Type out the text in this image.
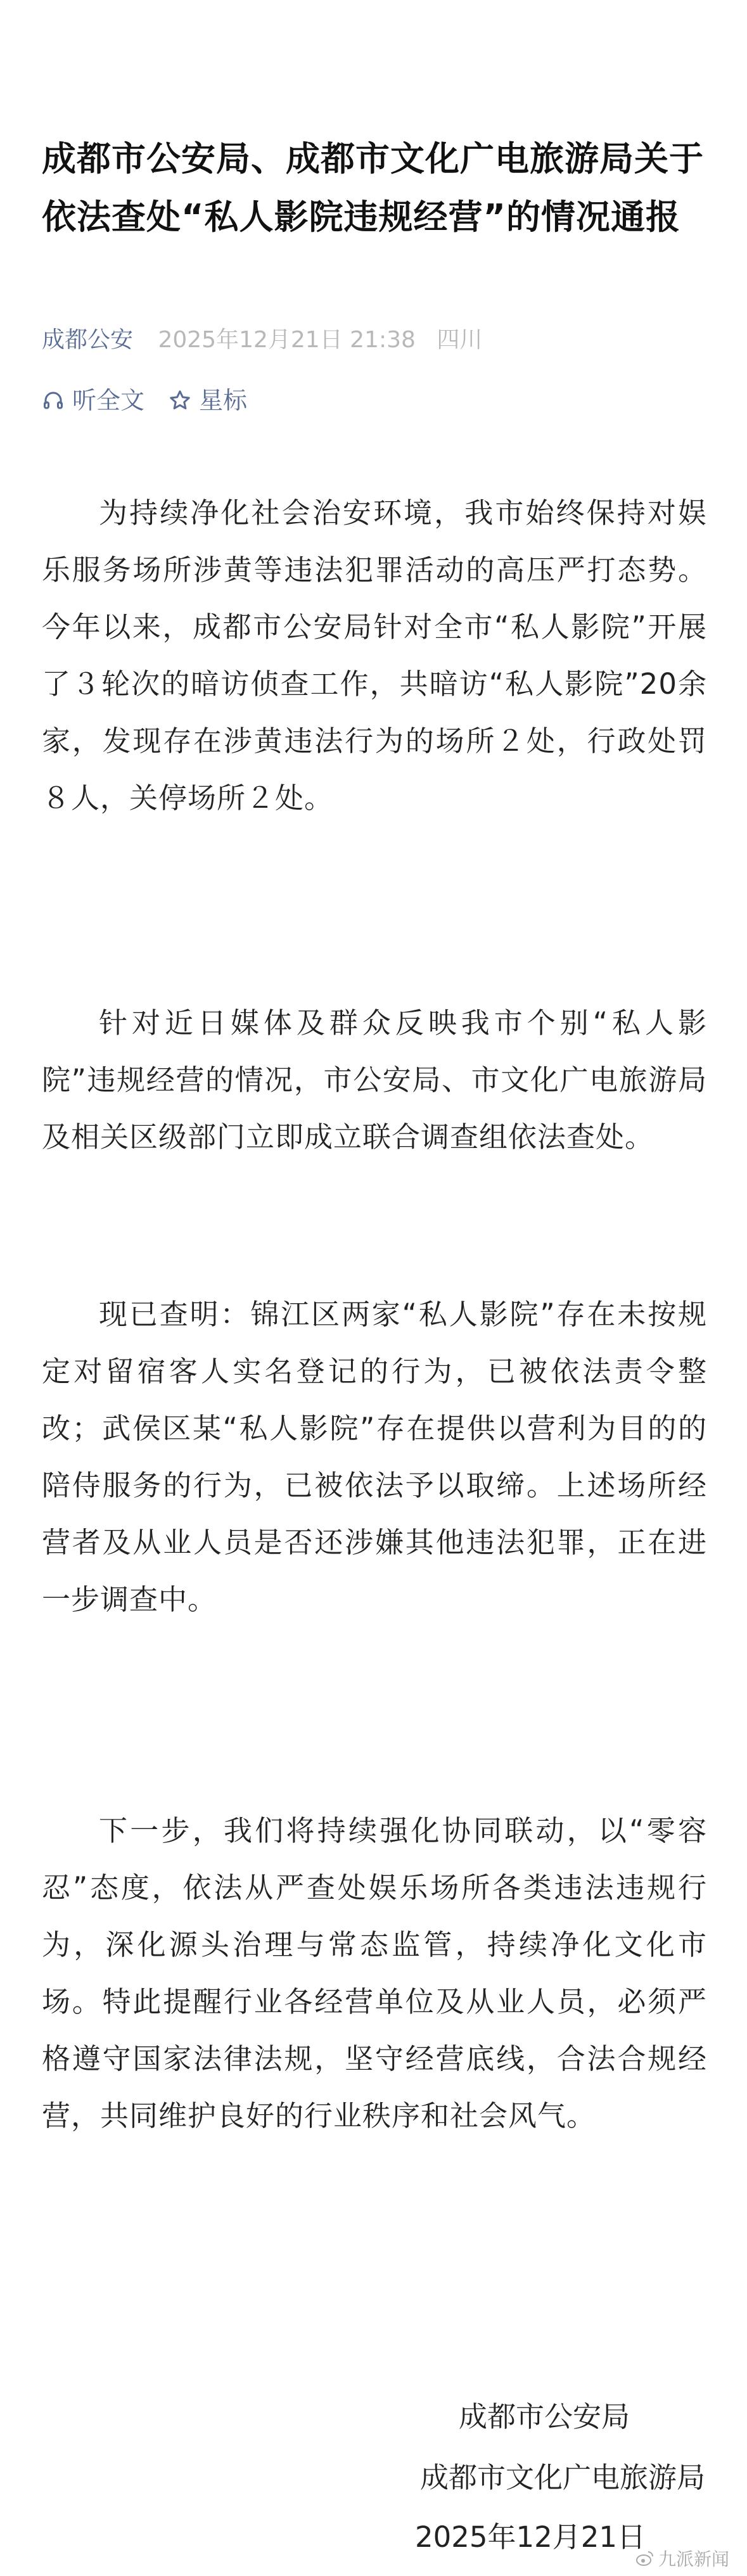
成都市公安局、成都市文化广电旅游局关于依法查处“私人影院违规经营”的情况通报
成都公安 2025年12月21日 21:38 四川
听全文 星标

为持续净化社会治安环境，我市始终保持对娱乐服务场所涉黄等违法犯罪活动的高压严打态势。今年以来，成都市公安局针对全市“私人影院”开展了３轮次的暗访侦查工作，共暗访“私人影院”20余家，发现存在涉黄违法行为的场所２处，行政处罚８人，关停场所２处。

针对近日媒体及群众反映我市个别“私人影院”违规经营的情况，市公安局、市文化广电旅游局及相关区级部门立即成立联合调查组依法查处。

现已查明：锦江区两家“私人影院”存在未按规定对留宿客人实名登记的行为，已被依法责令整改；武侯区某“私人影院”存在提供以营利为目的的陪侍服务的行为，已被依法予以取缔。上述场所经营者及从业人员是否还涉嫌其他违法犯罪，正在进一步调查中。

下一步，我们将持续强化协同联动，以“零容忍”态度，依法从严查处娱乐场所各类违法违规行为，深化源头治理与常态监管，持续净化文化市场。特此提醒行业各经营单位及从业人员，必须严格遵守国家法律法规，坚守经营底线，合法合规经营，共同维护良好的行业秩序和社会风气。

成都市公安局
成都市文化广电旅游局
2025年12月21日
九派新闻
